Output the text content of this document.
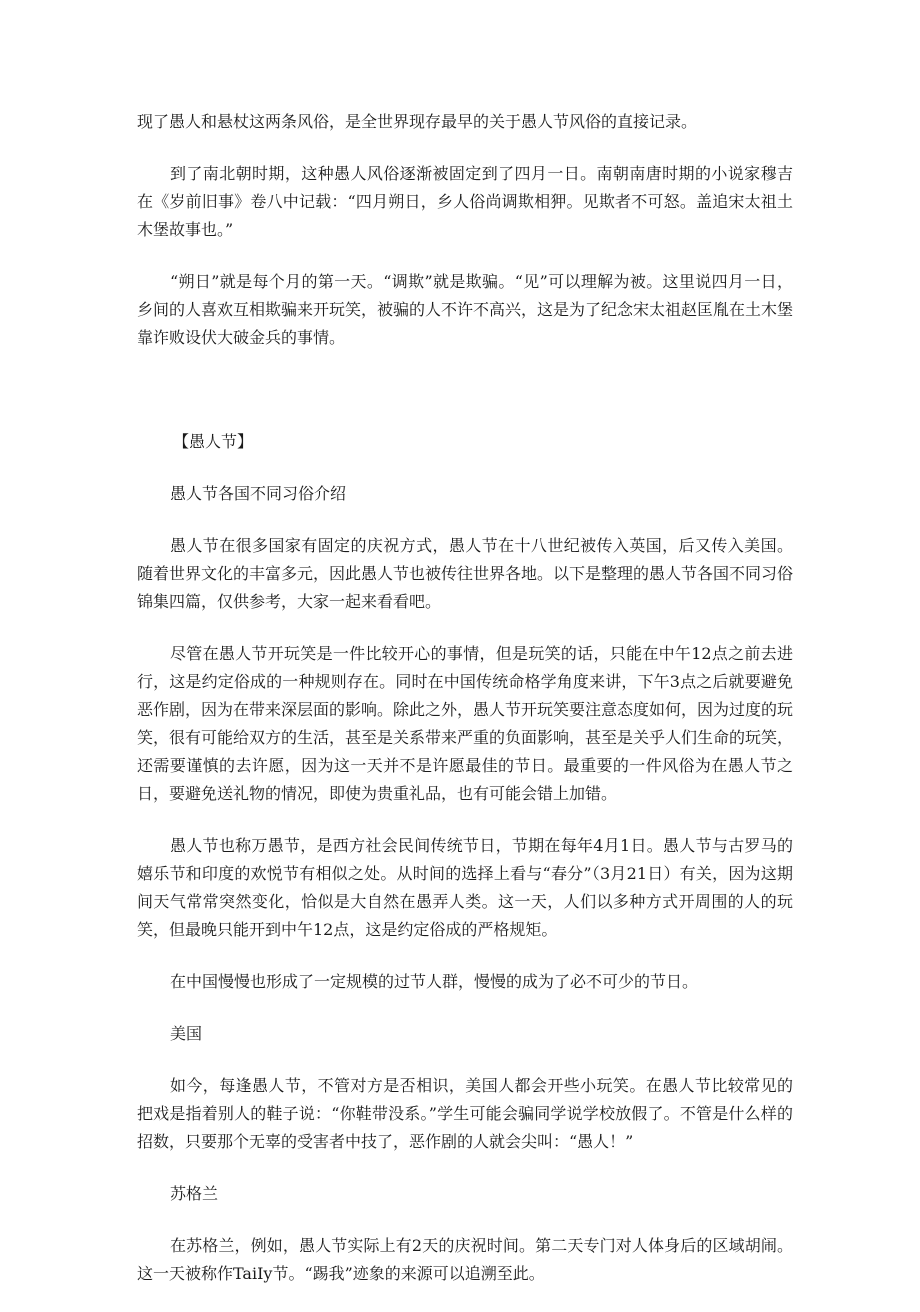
现了愚人和悬杖这两条风俗，是全世界现存最早的关于愚人节风俗的直接记录。

到了南北朝时期，这种愚人风俗逐渐被固定到了四月一日。南朝南唐时期的小说家穆吉在《岁前旧事》卷八中记载：“四月朔日，乡人俗尚调欺相狎。见欺者不可怒。盖追宋太祖土木堡故事也。”

“朔日”就是每个月的第一天。“调欺”就是欺骗。“见”可以理解为被。这里说四月一日，乡间的人喜欢互相欺骗来开玩笑，被骗的人不许不高兴，这是为了纪念宋太祖赵匡胤在土木堡靠诈败设伏大破金兵的事情。

【愚人节】

愚人节各国不同习俗介绍

愚人节在很多国家有固定的庆祝方式，愚人节在十八世纪被传入英国，后又传入美国。随着世界文化的丰富多元，因此愚人节也被传往世界各地。以下是整理的愚人节各国不同习俗锦集四篇，仅供参考，大家一起来看看吧。

尽管在愚人节开玩笑是一件比较开心的事情，但是玩笑的话，只能在中午12点之前去进行，这是约定俗成的一种规则存在。同时在中国传统命格学角度来讲，下午3点之后就要避免恶作剧，因为在带来深层面的影响。除此之外，愚人节开玩笑要注意态度如何，因为过度的玩笑，很有可能给双方的生活，甚至是关系带来严重的负面影响，甚至是关乎人们生命的玩笑，还需要谨慎的去许愿，因为这一天并不是许愿最佳的节日。最重要的一件风俗为在愚人节之日，要避免送礼物的情况，即使为贵重礼品，也有可能会错上加错。

愚人节也称万愚节，是西方社会民间传统节日，节期在每年4月1日。愚人节与古罗马的嬉乐节和印度的欢悦节有相似之处。从时间的选择上看与“春分”（3月21日）有关，因为这期间天气常常突然变化，恰似是大自然在愚弄人类。这一天，人们以多种方式开周围的人的玩笑，但最晚只能开到中午12点，这是约定俗成的严格规矩。

在中国慢慢也形成了一定规模的过节人群，慢慢的成为了必不可少的节日。

美国

如今，每逢愚人节，不管对方是否相识，美国人都会开些小玩笑。在愚人节比较常见的把戏是指着别人的鞋子说：“你鞋带没系。”学生可能会骗同学说学校放假了。不管是什么样的招数，只要那个无辜的受害者中技了，恶作剧的人就会尖叫：“愚人！”

苏格兰

在苏格兰，例如，愚人节实际上有2天的庆祝时间。第二天专门对人体身后的区域胡闹。这一天被称作TaiIy节。“踢我”迹象的来源可以追溯至此。
